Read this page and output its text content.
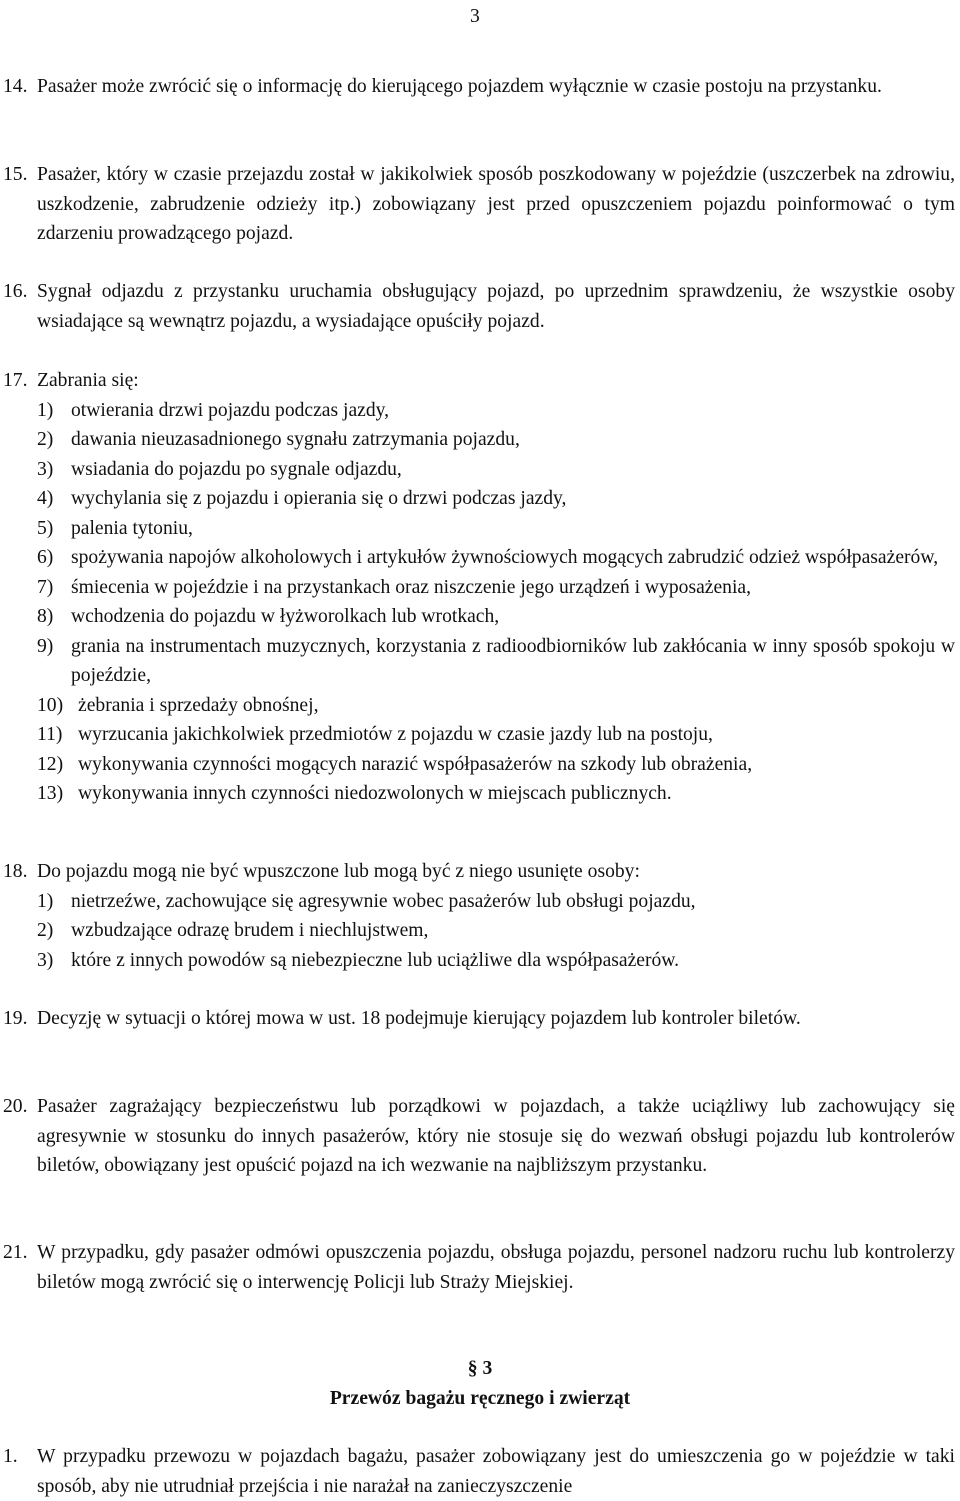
3
14. Pasażer może zwrócić się o informację do kierującego pojazdem wyłącznie w czasie postoju na przystanku.
15. Pasażer, który w czasie przejazdu został w jakikolwiek sposób poszkodowany w pojeździe (uszczerbek na zdrowiu, uszkodzenie, zabrudzenie odzieży itp.) zobowiązany jest przed opuszczeniem pojazdu poinformować o tym zdarzeniu prowadzącego pojazd.
16. Sygnał odjazdu z przystanku uruchamia obsługujący pojazd, po uprzednim sprawdzeniu, że wszystkie osoby wsiadające są wewnątrz pojazdu, a wysiadające opuściły pojazd.
17. Zabrania się:
1) otwierania drzwi pojazdu podczas jazdy,
2) dawania nieuzasadnionego sygnału zatrzymania pojazdu,
3) wsiadania do pojazdu po sygnale odjazdu,
4) wychylania się z pojazdu i opierania się o drzwi podczas jazdy,
5) palenia tytoniu,
6) spożywania napojów alkoholowych i artykułów żywnościowych mogących zabrudzić odzież współpasażerów,
7) śmiecenia w pojeździe i na przystankach oraz niszczenie jego urządzeń i wyposażenia,
8) wchodzenia do pojazdu w łyżworolkach lub wrotkach,
9) grania na instrumentach muzycznych, korzystania z radioodbiorników lub zakłócania w inny sposób spokoju w pojeździe,
10) żebrania i sprzedaży obnośnej,
11) wyrzucania jakichkolwiek przedmiotów z pojazdu w czasie jazdy lub na postoju,
12) wykonywania czynności mogących narazić współpasażerów na szkody lub obrażenia,
13) wykonywania innych czynności niedozwolonych w miejscach publicznych.
18. Do pojazdu mogą nie być wpuszczone lub mogą być z niego usunięte osoby:
1) nietrzeźwe, zachowujące się agresywnie wobec pasażerów lub obsługi pojazdu,
2) wzbudzające odrazę brudem i niechlujstwem,
3) które z innych powodów są niebezpieczne lub uciążliwe dla współpasażerów.
19. Decyzję w sytuacji o której mowa w ust. 18 podejmuje kierujący pojazdem lub kontroler biletów.
20. Pasażer zagrażający bezpieczeństwu lub porządkowi w pojazdach, a także uciążliwy lub zachowujący się agresywnie w stosunku do innych pasażerów, który nie stosuje się do wezwań obsługi pojazdu lub kontrolerów biletów, obowiązany jest opuścić pojazd na ich wezwanie na najbliższym przystanku.
21. W przypadku, gdy pasażer odmówi opuszczenia pojazdu, obsługa pojazdu, personel nadzoru ruchu lub kontrolerzy biletów mogą zwrócić się o interwencję Policji lub Straży Miejskiej.
§ 3
Przewóz bagażu ręcznego i zwierząt
1. W przypadku przewozu w pojazdach bagażu, pasażer zobowiązany jest do umieszczenia go w pojeździe w taki sposób, aby nie utrudniał przejścia i nie narażał na zanieczyszczenie
